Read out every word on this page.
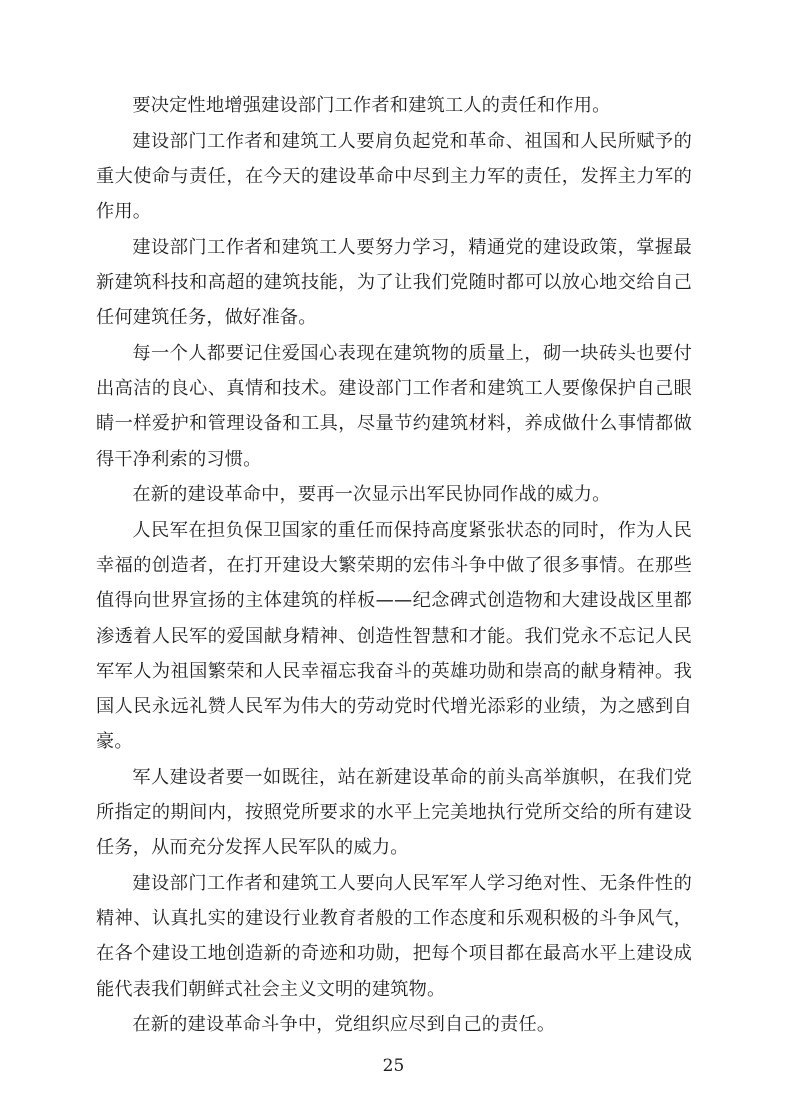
要决定性地增强建设部门工作者和建筑工人的责任和作用。

建设部门工作者和建筑工人要肩负起党和革命、祖国和人民所赋予的重大使命与责任，在今天的建设革命中尽到主力军的责任，发挥主力军的作用。

建设部门工作者和建筑工人要努力学习，精通党的建设政策，掌握最新建筑科技和高超的建筑技能，为了让我们党随时都可以放心地交给自己任何建筑任务，做好准备。

每一个人都要记住爱国心表现在建筑物的质量上，砌一块砖头也要付出高洁的良心、真情和技术。建设部门工作者和建筑工人要像保护自己眼睛一样爱护和管理设备和工具，尽量节约建筑材料，养成做什么事情都做得干净利索的习惯。

在新的建设革命中，要再一次显示出军民协同作战的威力。

人民军在担负保卫国家的重任而保持高度紧张状态的同时，作为人民幸福的创造者，在打开建设大繁荣期的宏伟斗争中做了很多事情。在那些值得向世界宣扬的主体建筑的样板——纪念碑式创造物和大建设战区里都渗透着人民军的爱国献身精神、创造性智慧和才能。我们党永不忘记人民军军人为祖国繁荣和人民幸福忘我奋斗的英雄功勋和崇高的献身精神。我国人民永远礼赞人民军为伟大的劳动党时代增光添彩的业绩，为之感到自豪。

军人建设者要一如既往，站在新建设革命的前头高举旗帜，在我们党所指定的期间内，按照党所要求的水平上完美地执行党所交给的所有建设任务，从而充分发挥人民军队的威力。

建设部门工作者和建筑工人要向人民军军人学习绝对性、无条件性的精神、认真扎实的建设行业教育者般的工作态度和乐观积极的斗争风气，在各个建设工地创造新的奇迹和功勋，把每个项目都在最高水平上建设成能代表我们朝鲜式社会主义文明的建筑物。

在新的建设革命斗争中，党组织应尽到自己的责任。

25
